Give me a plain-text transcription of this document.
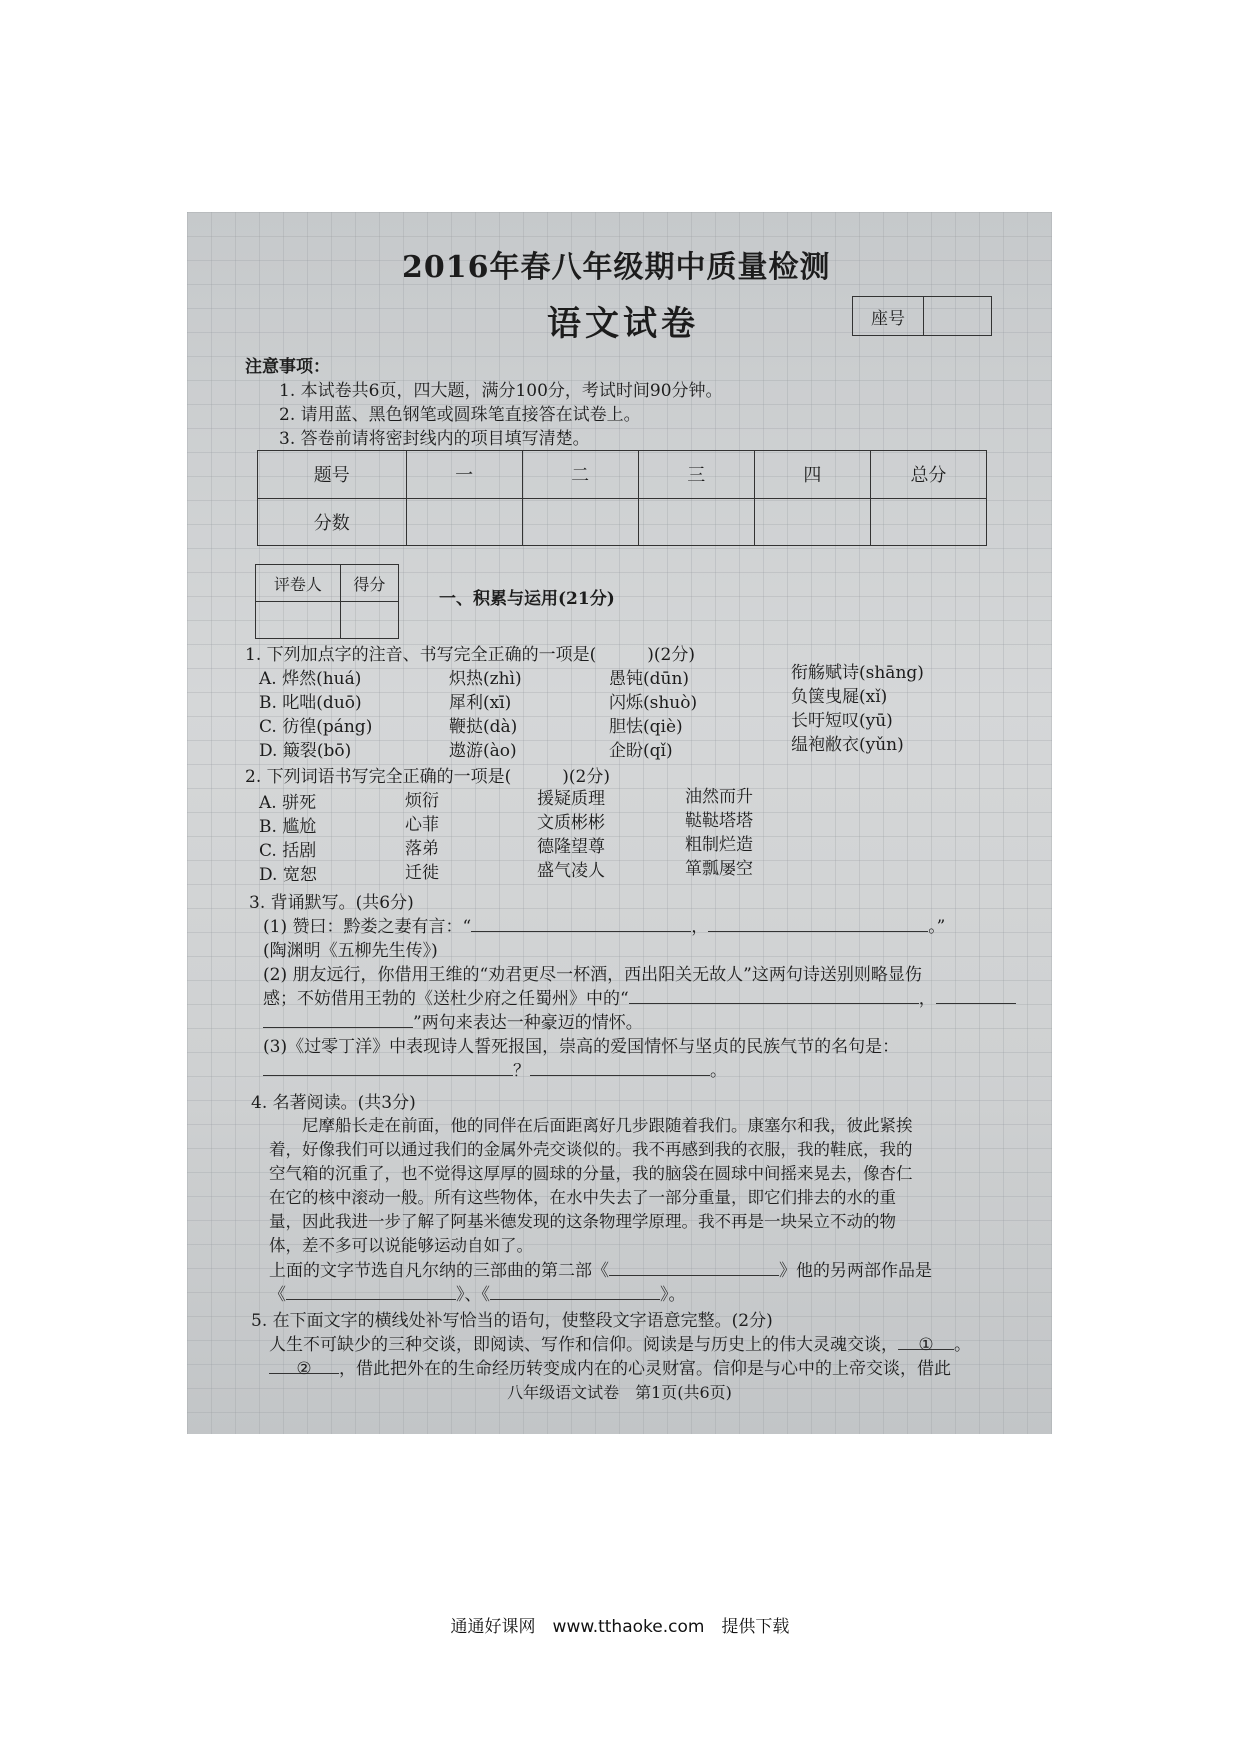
2016年春八年级期中质量检测
语文试卷	座号
注意事项：
1. 本试卷共6页，四大题，满分100分，考试时间90分钟。
2. 请用蓝、黑色钢笔或圆珠笔直接答在试卷上。
3. 答卷前请将密封线内的项目填写清楚。
题号	一	二	三	四	总分
分数					
评卷人	得分

一、积累与运用(21分)
1. 下列加点字的注音、书写完全正确的一项是(　　　)(2分)
A. 烨然(huá)	炽热(zhì)	愚钝(dūn)	衔觞赋诗(shāng)
B. 叱咄(duō)	犀利(xī)	闪烁(shuò)	负箧曳屣(xǐ)
C. 彷徨(páng)	鞭挞(dà)	胆怯(qiè)	长吁短叹(yū)
D. 簸裂(bō)	遨游(ào)	企盼(qǐ)	缊袍敝衣(yǔn)
2. 下列词语书写完全正确的一项是(　　　)(2分)
A. 骈死	烦衍	援疑质理	油然而升
B. 尴尬	心菲	文质彬彬	鞑鞑塔塔
C. 括剧	落弟	德隆望尊	粗制烂造
D. 宽恕	迁徙	盛气凌人	箪瓢屡空
3. 背诵默写。(共6分)
(1) 赞曰：黔娄之妻有言：“	，	。”
(陶渊明《五柳先生传》)
(2) 朋友远行，你借用王维的“劝君更尽一杯酒，西出阳关无故人”这两句诗送别则略显伤
感；不妨借用王勃的《送杜少府之任蜀州》中的“	，
”两句来表达一种豪迈的情怀。
(3)《过零丁洋》中表现诗人誓死报国，崇高的爱国情怀与坚贞的民族气节的名句是：
？	。
4. 名著阅读。(共3分)
　　尼摩船长走在前面，他的同伴在后面距离好几步跟随着我们。康塞尔和我，彼此紧挨
着，好像我们可以通过我们的金属外壳交谈似的。我不再感到我的衣服，我的鞋底，我的
空气箱的沉重了，也不觉得这厚厚的圆球的分量，我的脑袋在圆球中间摇来晃去，像杏仁
在它的核中滚动一般。所有这些物体，在水中失去了一部分重量，即它们排去的水的重
量，因此我进一步了解了阿基米德发现的这条物理学原理。我不再是一块呆立不动的物
体，差不多可以说能够运动自如了。
上面的文字节选自凡尔纳的三部曲的第二部《	》他的另两部作品是
《	》、《	》。
5. 在下面文字的横线处补写恰当的语句，使整段文字语意完整。(2分)
人生不可缺少的三种交谈，即阅读、写作和信仰。阅读是与历史上的伟大灵魂交谈， ① 。
② ，借此把外在的生命经历转变成内在的心灵财富。信仰是与心中的上帝交谈，借此
八年级语文试卷　第1页(共6页)
通通好课网　www.tthaoke.com　提供下载
